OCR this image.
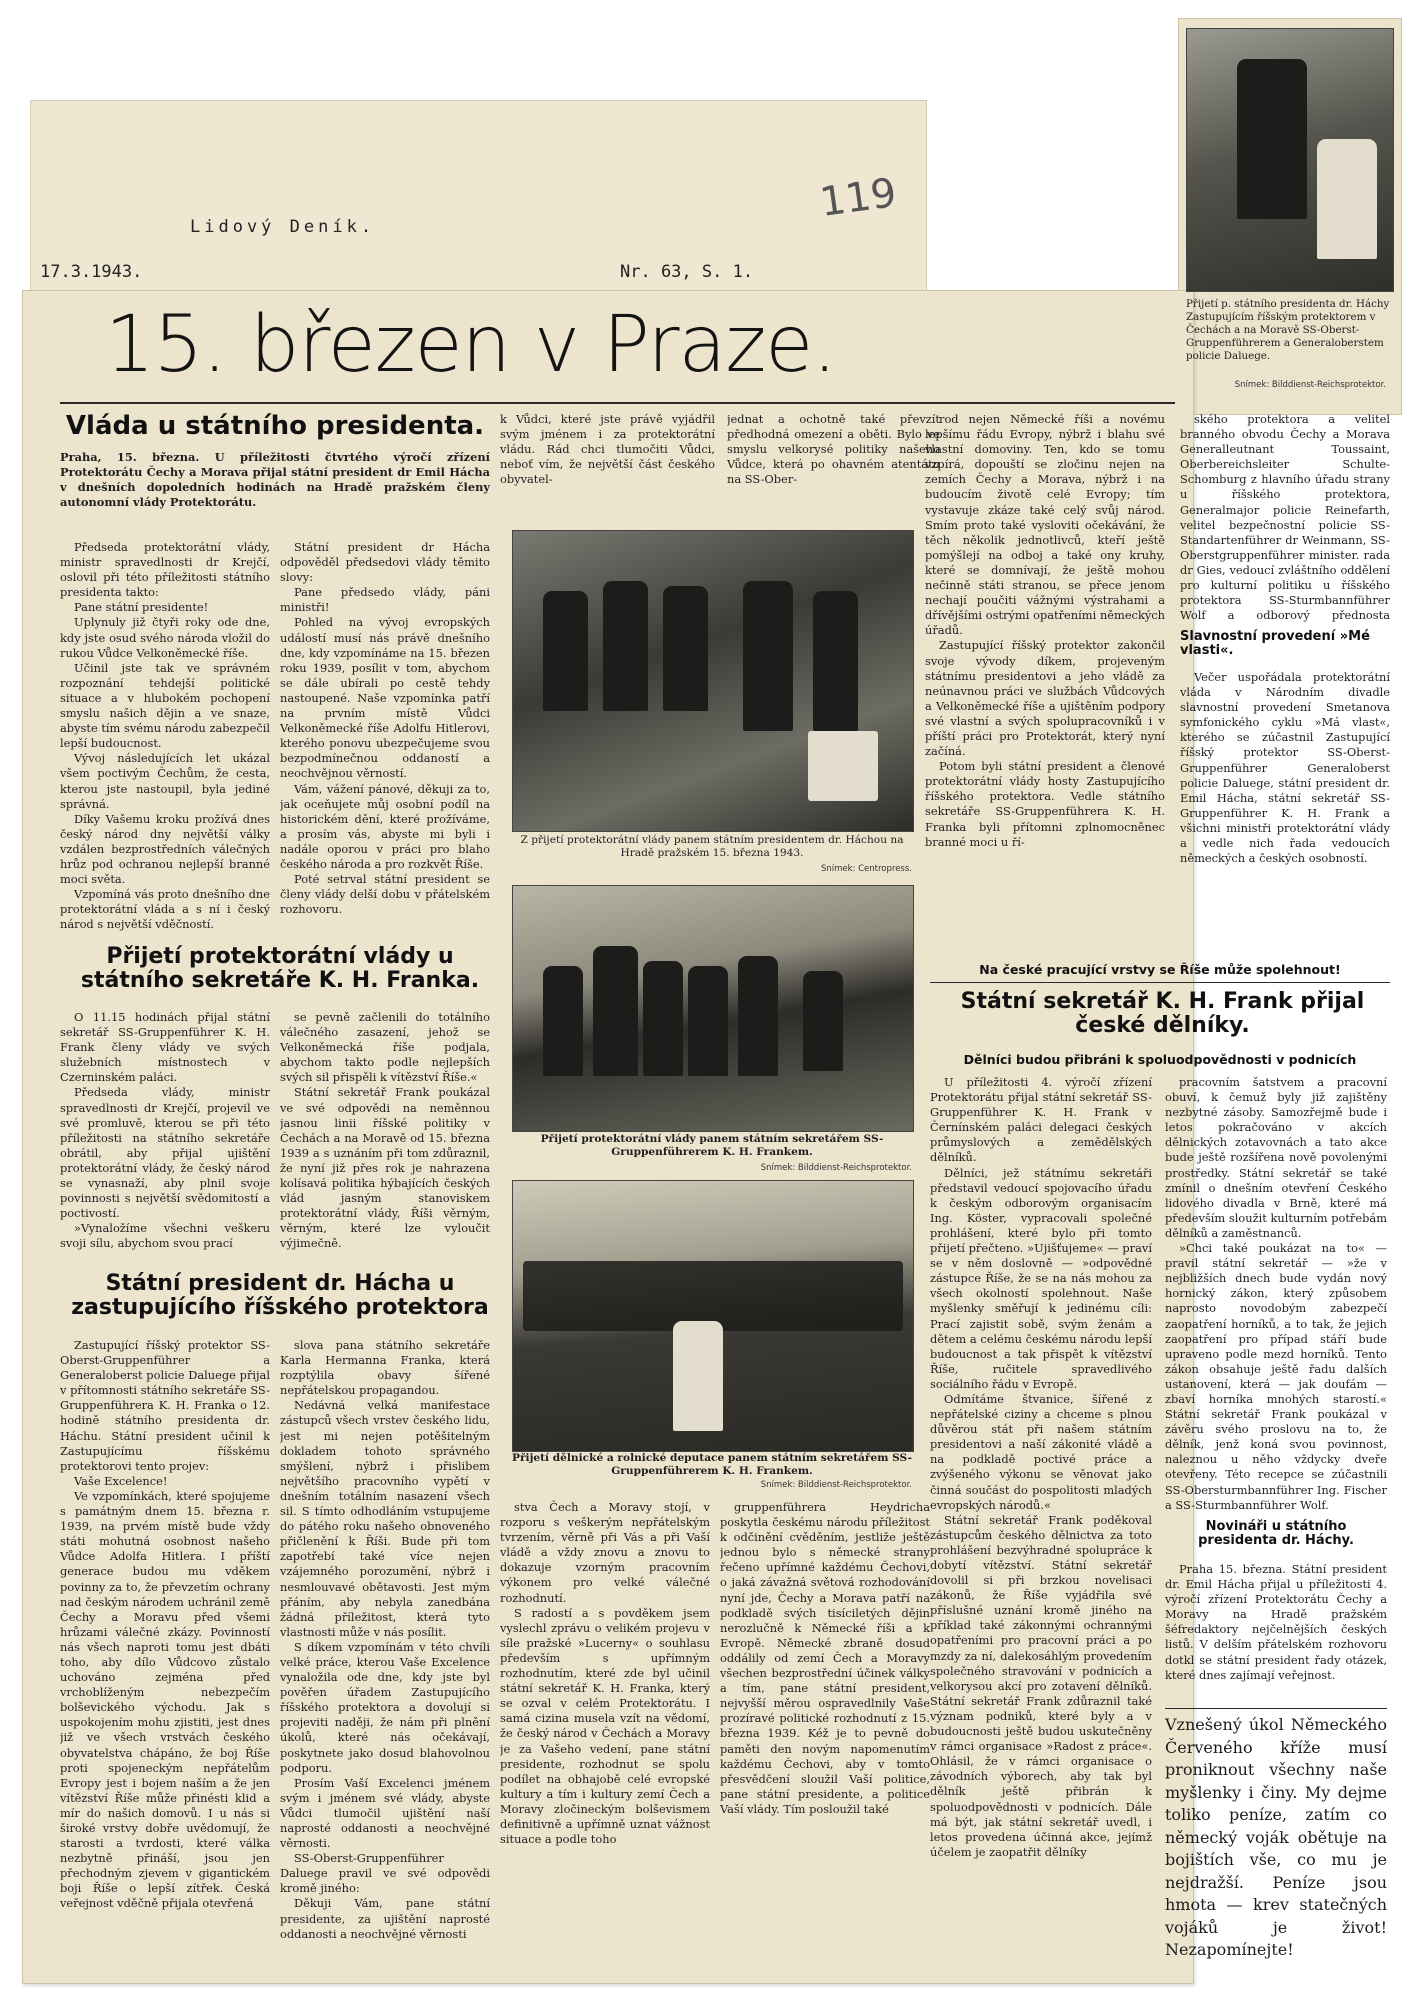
Lidový Deník.
17.3.1943.	Nr. 63, S. 1.
119
Přijetí p. státního presidenta dr. Háchy Zastupujícím říšským protektorem v Čechách a na Moravě SS-Oberst-Gruppenführerem a Generaloberstem policie Daluege.
Snímek: Bilddienst-Reichsprotektor.
15. březen v Praze.
Vláda u státního presidenta.
Praha, 15. března. U příležitosti čtvrtého výročí zřízení Protektorátu Čechy a Morava přijal státní president dr Emil Hácha v dnešních dopoledních hodinách na Hradě pražském členy autonomní vlády Protektorátu.

Předseda protektorátní vlády, ministr spravedlnosti dr Krejčí, oslovil při této příležitosti státního presidenta takto:

Pane státní presidente!

Uplynuly již čtyři roky ode dne, kdy jste osud svého národa vložil do rukou Vůdce Velkoněmecké říše.

Učinil jste tak ve správném rozpoznání tehdejší politické situace a v hlubokém pochopení smyslu našich dějin a ve snaze, abyste tím svému národu zabezpečil lepší budoucnost.

Vývoj následujících let ukázal všem poctivým Čechům, že cesta, kterou jste nastoupil, byla jediné správná.

Díky Vašemu kroku prožívá dnes český národ dny největší války vzdálen bezprostředních válečných hrůz pod ochranou nejlepší branné moci světa.

Vzpomíná vás proto dnešního dne protektorátní vláda a s ní i český národ s největší vděčností.

Státní president dr Hácha odpověděl předsedovi vlády těmito slovy:

Pane předsedo vlády, páni ministři!

Pohled na vývoj evropských událostí musí nás právě dnešního dne, kdy vzpomínáme na 15. březen roku 1939, posílit v tom, abychom se dále ubírali po cestě tehdy nastoupené. Naše vzpomínka patří na prvním místě Vůdci Velkoněmecké říše Adolfu Hitlerovi, kterého ponovu ubezpečujeme svou bezpodmínečnou oddaností a neochvějnou věrností.

Vám, vážení pánové, děkuji za to, jak oceňujete můj osobní podíl na historickém dění, které prožíváme, a prosím vás, abyste mi byli i nadále oporou v práci pro blaho českého národa a pro rozkvět Říše.

Poté setrval státní president se členy vlády delší dobu v přátelském rozhovoru.

k Vůdci, které jste právě vyjádřil svým jménem i za protektorátní vládu. Rád chci tlumočiti Vůdci, neboť vím, že největší část českého obyvatel-
jednat a ochotně také převzít předhodná omezení a oběti. Bylo ve smyslu velkorysé politiky našeho Vůdce, která po ohavném atentátu na SS-Ober-
Z přijetí protektorátní vlády panem státním presidentem dr. Háchou na Hradě pražském 15. března 1943.
Snímek: Centropress.
Přijetí protektorátní vlády panem státním sekretářem SS-Gruppenführerem K. H. Frankem.
Snímek: Bilddienst-Reichsprotektor.
Přijetí dělnické a rolnické deputace panem státním sekretářem SS-Gruppenführerem K. H. Frankem.
Snímek: Bilddienst-Reichsprotektor.
Přijetí protektorátní vlády u státního sekretáře K. H. Franka.

O 11.15 hodinách přijal státní sekretář SS-Gruppenführer K. H. Frank členy vlády ve svých služebních místnostech v Czerninském paláci.

Předseda vlády, ministr spravedlnosti dr Krejčí, projevil ve své promluvě, kterou se při této příležitosti na státního sekretáře obrátil, aby přijal ujištění protektorátní vlády, že český národ se vynasnaží, aby plnil svoje povinnosti s největší svědomitostí a poctivostí.

»Vynaložíme všechni veškeru svoji sílu, abychom svou prací

se pevně začlenili do totálního válečného zasazení, jehož se Velkoněmecká říše podjala, abychom takto podle nejlepších svých sil přispěli k vítězství Říše.«

Státní sekretář Frank poukázal ve své odpovědi na neměnnou jasnou linii říšské politiky v Čechách a na Moravě od 15. března 1939 a s uznáním při tom zdůraznil, že nyní již přes rok je nahrazena kolísavá politika hýbajících českých vlád jasným stanoviskem protektorátní vlády, Říši věrným, věrným, které lze vyloučit výjimečně.

Státní president dr. Hácha u zastupujícího říšského protektora

Zastupující říšský protektor SS-Oberst-Gruppenführer a Generaloberst policie Daluege přijal v přítomnosti státního sekretáře SS-Gruppenführera K. H. Franka o 12. hodině státního presidenta dr. Háchu. Státní president učinil k Zastupujícímu říšskému protektorovi tento projev:

Vaše Excelence!

Ve vzpomínkách, které spojujeme s památným dnem 15. března r. 1939, na prvém místě bude vždy státi mohutná osobnost našeho Vůdce Adolfa Hitlera. I příští generace budou mu vděkem povinny za to, že převzetím ochrany nad českým národem uchránil země Čechy a Moravu před všemi hrůzami válečné zkázy. Povinností nás všech naproti tomu jest dbáti toho, aby dílo Vůdcovo zůstalo uchováno zejména před vrchoblíženým nebezpečím bolševického východu. Jak s uspokojením mohu zjistiti, jest dnes již ve všech vrstvách českého obyvatelstva chápáno, že boj Říše proti spojeneckým nepřátelům Evropy jest i bojem naším a že jen vítězství Říše může přinésti klid a mír do našich domovů. I u nás si široké vrstvy dobře uvědomují, že starosti a tvrdosti, které válka nezbytně přináší, jsou jen přechodným zjevem v gigantickém boji Říše o lepší zítřek. Česká veřejnost vděčně přijala otevřená

slova pana státního sekretáře Karla Hermanna Franka, která rozptýlila obavy šířené nepřátelskou propagandou.

Nedávná velká manifestace zástupců všech vrstev českého lidu, jest mi nejen potěšitelným dokladem tohoto správného smýšlení, nýbrž i přislibem největšího pracovního vypětí v dnešním totálním nasazení všech sil. S tímto odhodláním vstupujeme do pátého roku našeho obnoveného přičlenění k Říši. Bude při tom zapotřebí také více nejen vzájemného porozumění, nýbrž i nesmlouvavé obětavosti. Jest mým přáním, aby nebyla zanedbána žádná příležitost, která tyto vlastnosti může v nás posílit.

S díkem vzpomínám v této chvíli velké práce, kterou Vaše Excelence vynaložila ode dne, kdy jste byl pověřen úřadem Zastupujícího říšského protektora a dovolují si projeviti naději, že nám při plnění úkolů, které nás očekávají, poskytnete jako dosud blahovolnou podporu.

Prosím Vaší Excelenci jménem svým i jménem své vlády, abyste Vůdci tlumočil ujištění naší naprosté oddanosti a neochvějné věrnosti.

SS-Oberst-Gruppenführer Daluege pravil ve své odpovědi kromě jiného:

Děkuji Vám, pane státní presidente, za ujištění naprosté oddanosti a neochvějné věrnosti

stva Čech a Moravy stojí, v rozporu s veškerým nepřátelským tvrzením, věrně při Vás a při Vaší vládě a vždy znovu a znovu to dokazuje vzorným pracovním výkonem pro velké válečné rozhodnutí.

S radostí a s povděkem jsem vyslechl zprávu o velikém projevu v síle pražské »Lucerny« o souhlasu především s upřímným rozhodnutím, které zde byl učinil státní sekretář K. H. Franka, který se ozval v celém Protektorátu. I samá cizina musela vzít na vědomí, že český národ v Čechách a Moravy je za Vašeho vedení, pane státní presidente, rozhodnut se spolu podílet na obhajobě celé evropské kultury a tím i kultury zemí Čech a Moravy zločineckým bolševismem definitivně a upřímně uznat vážnost situace a podle toho

gruppenführera Heydricha poskytla českému národu příležitost k odčinění cvěděním, jestliže ještě jednou bylo s německé strany řečeno upřímné každému Čechovi, o jaká závažná světová rozhodování nyní jde, Čechy a Morava patří na podkladě svých tisíciletých dějin nerozlučně k Německé říši a k Evropě. Německé zbraně dosud oddálily od zemí Čech a Moravy všechen bezprostřední účinek války a tím, pane státní president, nejvyšší měrou ospravedlnily Vaše prozíravé politické rozhodnutí z 15. března 1939. Kéž je to pevně do paměti den novým napomenutím každému Čechovi, aby v tomto přesvědčení sloužil Vaší politice, pane státní presidente, a politice Vaší vlády. Tím posloužil také

rod nejen Německé říši a novému lepšímu řádu Evropy, nýbrž i blahu své vlastní domoviny. Ten, kdo se tomu vzpírá, dopouští se zločinu nejen na zemích Čechy a Morava, nýbrž i na budoucím životě celé Evropy; tím vystavuje zkáze také celý svůj národ. Smím proto také vysloviti očekávání, že těch několik jednotlivců, kteří ještě pomýšlejí na odboj a také ony kruhy, které se domnívají, že ještě mohou nečinně státi stranou, se přece jenom nechají poučiti vážnými výstrahami a dřívějšími ostrými opatřeními německých úřadů.

Zastupující říšský protektor zakončil svoje vývody díkem, projeveným státnímu presidentovi a jeho vládě za neúnavnou práci ve službách Vůdcových a Velkoněmecké říše a ujištěním podpory své vlastní a svých spolupracovníků i v příští práci pro Protektorát, který nyní začíná.

Potom byli státní president a členové protektorátní vlády hosty Zastupujícího říšského protektora. Vedle státního sekretáře SS-Gruppenführera K. H. Franka byli přítomni zplnomocněnec branné moci u ří-

ského protektora a velitel branného obvodu Čechy a Morava Generalleutnant Toussaint, Oberbereichsleiter Schulte-Schomburg z hlavního úřadu strany u říšského protektora, Generalmajor policie Reinefarth, velitel bezpečnostní policie SS-Standartenführer dr Weinmann, SS-Oberstgruppenführer minister. rada dr Gies, vedoucí zvláštního oddělení pro kulturní politiku u říšského protektora SS-Sturmbannführer Wolf a odborový přednosta

Slavnostní provedení »Mé vlasti«.

Večer uspořádala protektorátní vláda v Národním divadle slavnostní provedení Smetanova symfonického cyklu »Má vlast«, kterého se zúčastnil Zastupující říšský protektor SS-Oberst-Gruppenführer Generaloberst policie Daluege, státní president dr. Emil Hácha, státní sekretář SS-Gruppenführer K. H. Frank a všichni ministři protektorátní vlády a vedle nich řada vedoucích německých a českých osobností.

Na české pracující vrstvy se Říše může spolehnout!
Státní sekretář K. H. Frank přijal české dělníky.
Dělníci budou přibráni k spoluodpovědnosti v podnicích

U příležitosti 4. výročí zřízení Protektorátu přijal státní sekretář SS-Gruppenführer K. H. Frank v Černínském paláci delegaci českých průmyslových a zemědělských dělníků.

Dělníci, jež státnímu sekretáři představil vedoucí spojovacího úřadu k českým odborovým organisacím Ing. Köster, vypracovali společné prohlášení, které bylo při tomto přijetí přečteno. »Ujišťujeme« — praví se v něm doslovně — »odpovědné zástupce Říše, že se na nás mohou za všech okolností spolehnout. Naše myšlenky směřují k jedinému cíli: Prací zajistit sobě, svým ženám a dětem a celému českému národu lepší budoucnost a tak přispět k vítězství Říše, ručitele spravedlivého sociálního řádu v Evropě.

Odmítáme štvanice, šířené z nepřátelské ciziny a chceme s plnou důvěrou stát při našem státním presidentovi a naší zákonité vládě a na podkladě poctivé práce a zvýšeného výkonu se věnovat jako činná součást do pospolitosti mladých evropských národů.«

Státní sekretář Frank poděkoval zástupcům českého dělnictva za toto prohlášení bezvýhradné spolupráce k dobytí vítězství. Státní sekretář dovolil si při brzkou novelisaci zákonů, že Říše vyjádřila své příslušné uznání kromě jiného na příklad také zákonnými ochrannými opatřeními pro pracovní práci a po mzdy za ní, dalekosáhlým provedením společného stravování v podnicích a velkorysou akcí pro zotavení dělníků. Státní sekretář Frank zdůraznil také význam podniků, které byly a v budoucnosti ještě budou uskutečněny v rámci organisace »Radost z práce«. Ohlásil, že v rámci organisace o závodních výborech, aby tak byl dělník ještě přibrán k spoluodpovědnosti v podnicích. Dále má být, jak státní sekretář uvedl, i letos provedena účinná akce, jejímž účelem je zaopatřit dělníky

pracovním šatstvem a pracovní obuví, k čemuž byly již zajištěny nezbytné zásoby. Samozřejmě bude i letos pokračováno v akcích dělnických zotavovnách a tato akce bude ještě rozšířena nově povolenými prostředky. Státní sekretář se také zmínil o dnešním otevření Českého lidového divadla v Brně, které má především sloužit kulturním potřebám dělníků a zaměstnanců.

»Chci také poukázat na to« — pravil státní sekretář — »že v nejbližších dnech bude vydán nový hornický zákon, který způsobem naprosto novodobým zabezpečí zaopatření horníků, a to tak, že jejich zaopatření pro případ stáří bude upraveno podle mezd horníků. Tento zákon obsahuje ještě řadu dalších ustanovení, která — jak doufám — zbaví horníka mnohých starostí.« Státní sekretář Frank poukázal v závěru svého proslovu na to, že dělník, jenž koná svou povinnost, naleznou u něho vždycky dveře otevřeny. Této recepce se zúčastnili SS-Obersturmbannführer Ing. Fischer a SS-Sturmbannführer Wolf.

Novináři u státního presidenta dr. Háchy.

Praha 15. března. Státní president dr. Emil Hácha přijal u příležitosti 4. výročí zřízení Protektorátu Čechy a Moravy na Hradě pražském šéfredaktory nejčelnějších českých listů. V delším přátelském rozhovoru dotkl se státní president řady otázek, které dnes zajímají veřejnost.

Vznešený úkol Německého Červeného kříže musí proniknout všechny naše myšlenky i činy. My dejme toliko peníze, zatím co německý voják obětuje na bojištích vše, co mu je nejdražší. Peníze jsou hmota — krev statečných vojáků je život! Nezapomínejte!
